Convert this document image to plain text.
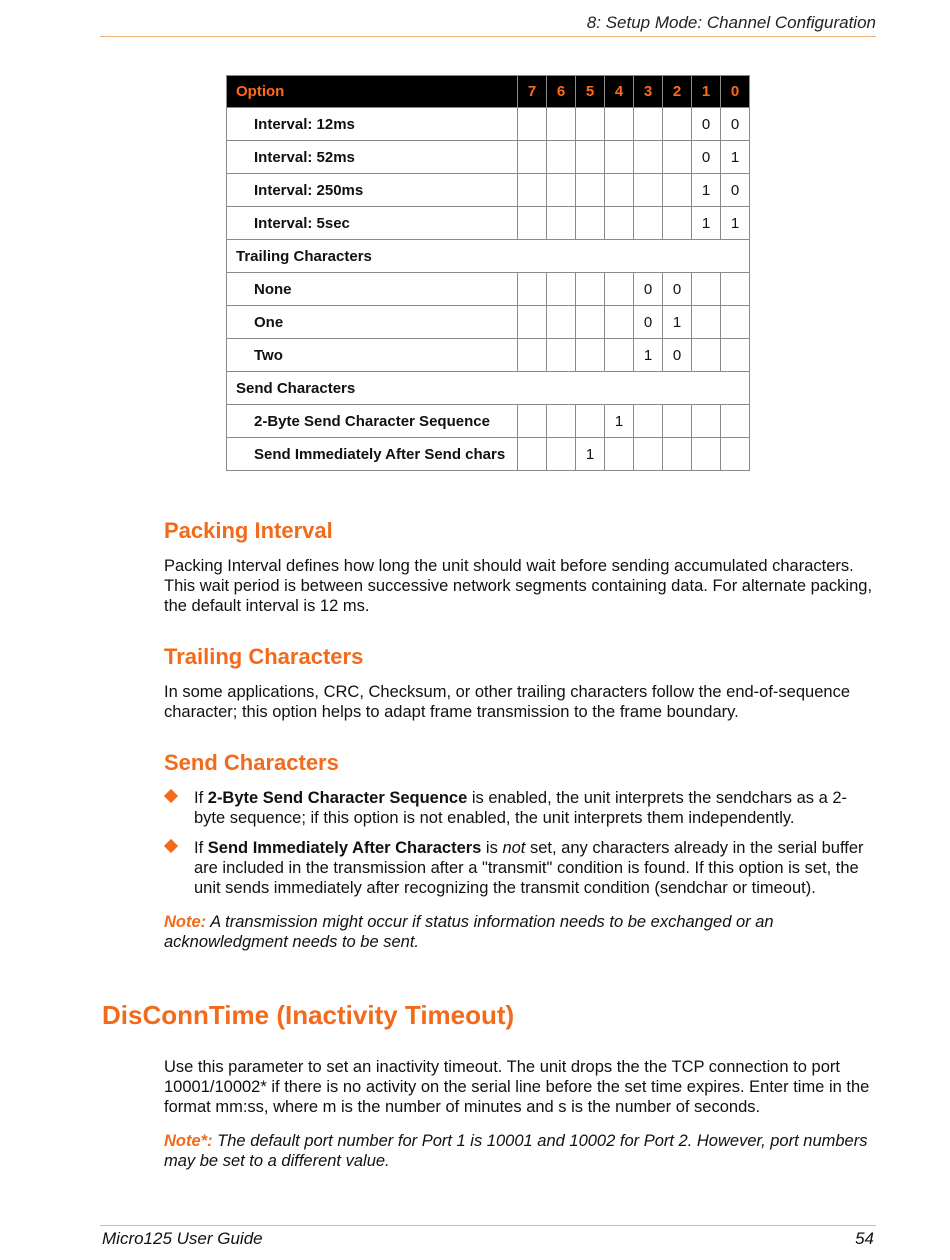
8: Setup Mode: Channel Configuration
Option	7	6	5	4	3	2	1	0
Interval: 12ms							0	0
Interval: 52ms							0	1
Interval: 250ms							1	0
Interval: 5sec							1	1
Trailing Characters								
None					0	0		
One					0	1		
Two					1	0		
Send Characters								
2-Byte Send Character Sequence				1				
Send Immediately After Send chars			1					
Packing Interval

Packing Interval defines how long the unit should wait before sending accumulated characters. This wait period is between successive network segments containing data. For alternate packing, the default interval is 12 ms.

Trailing Characters

In some applications, CRC, Checksum, or other trailing characters follow the end-of-sequence character; this option helps to adapt frame transmission to the frame boundary.

Send Characters

If 2-Byte Send Character Sequence is enabled, the unit interprets the sendchars as a 2-byte sequence; if this option is not enabled, the unit interprets them independently.

If Send Immediately After Characters is not set, any characters already in the serial buffer are included in the transmission after a "transmit" condition is found. If this option is set, the unit sends immediately after recognizing the transmit condition (sendchar or timeout).

Note: A transmission might occur if status information needs to be exchanged or an acknowledgment needs to be sent.

DisConnTime (Inactivity Timeout)

Use this parameter to set an inactivity timeout. The unit drops the the TCP connection to port 10001/10002* if there is no activity on the serial line before the set time expires. Enter time in the format mm:ss, where m is the number of minutes and s is the number of seconds.

Note*: The default port number for Port 1 is 10001 and 10002 for Port 2. However, port numbers may be set to a different value.

Micro125 User Guide	54
